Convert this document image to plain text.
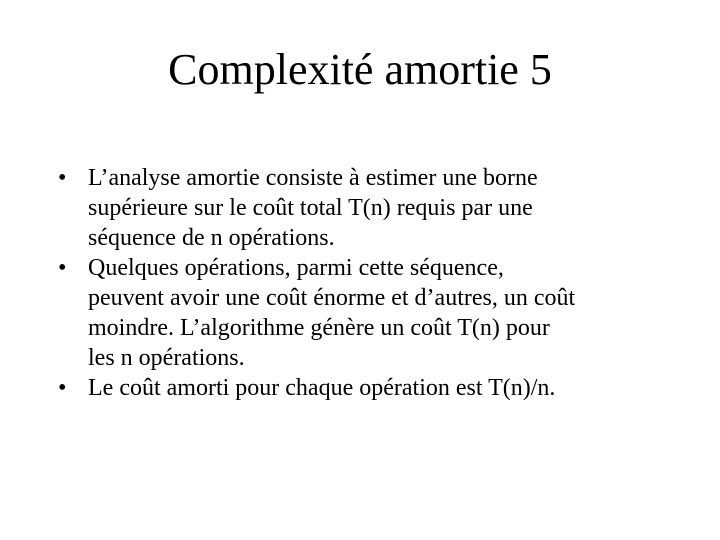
Complexité amortie 5
• L’analyse amortie consiste à estimer une borne
supérieure sur le coût total T(n) requis par une
séquence de n opérations.
• Quelques opérations, parmi cette séquence,
peuvent avoir une coût énorme et d’autres, un coût
moindre. L’algorithme génère un coût T(n) pour
les n opérations.
• Le coût amorti pour chaque opération est T(n)/n.
